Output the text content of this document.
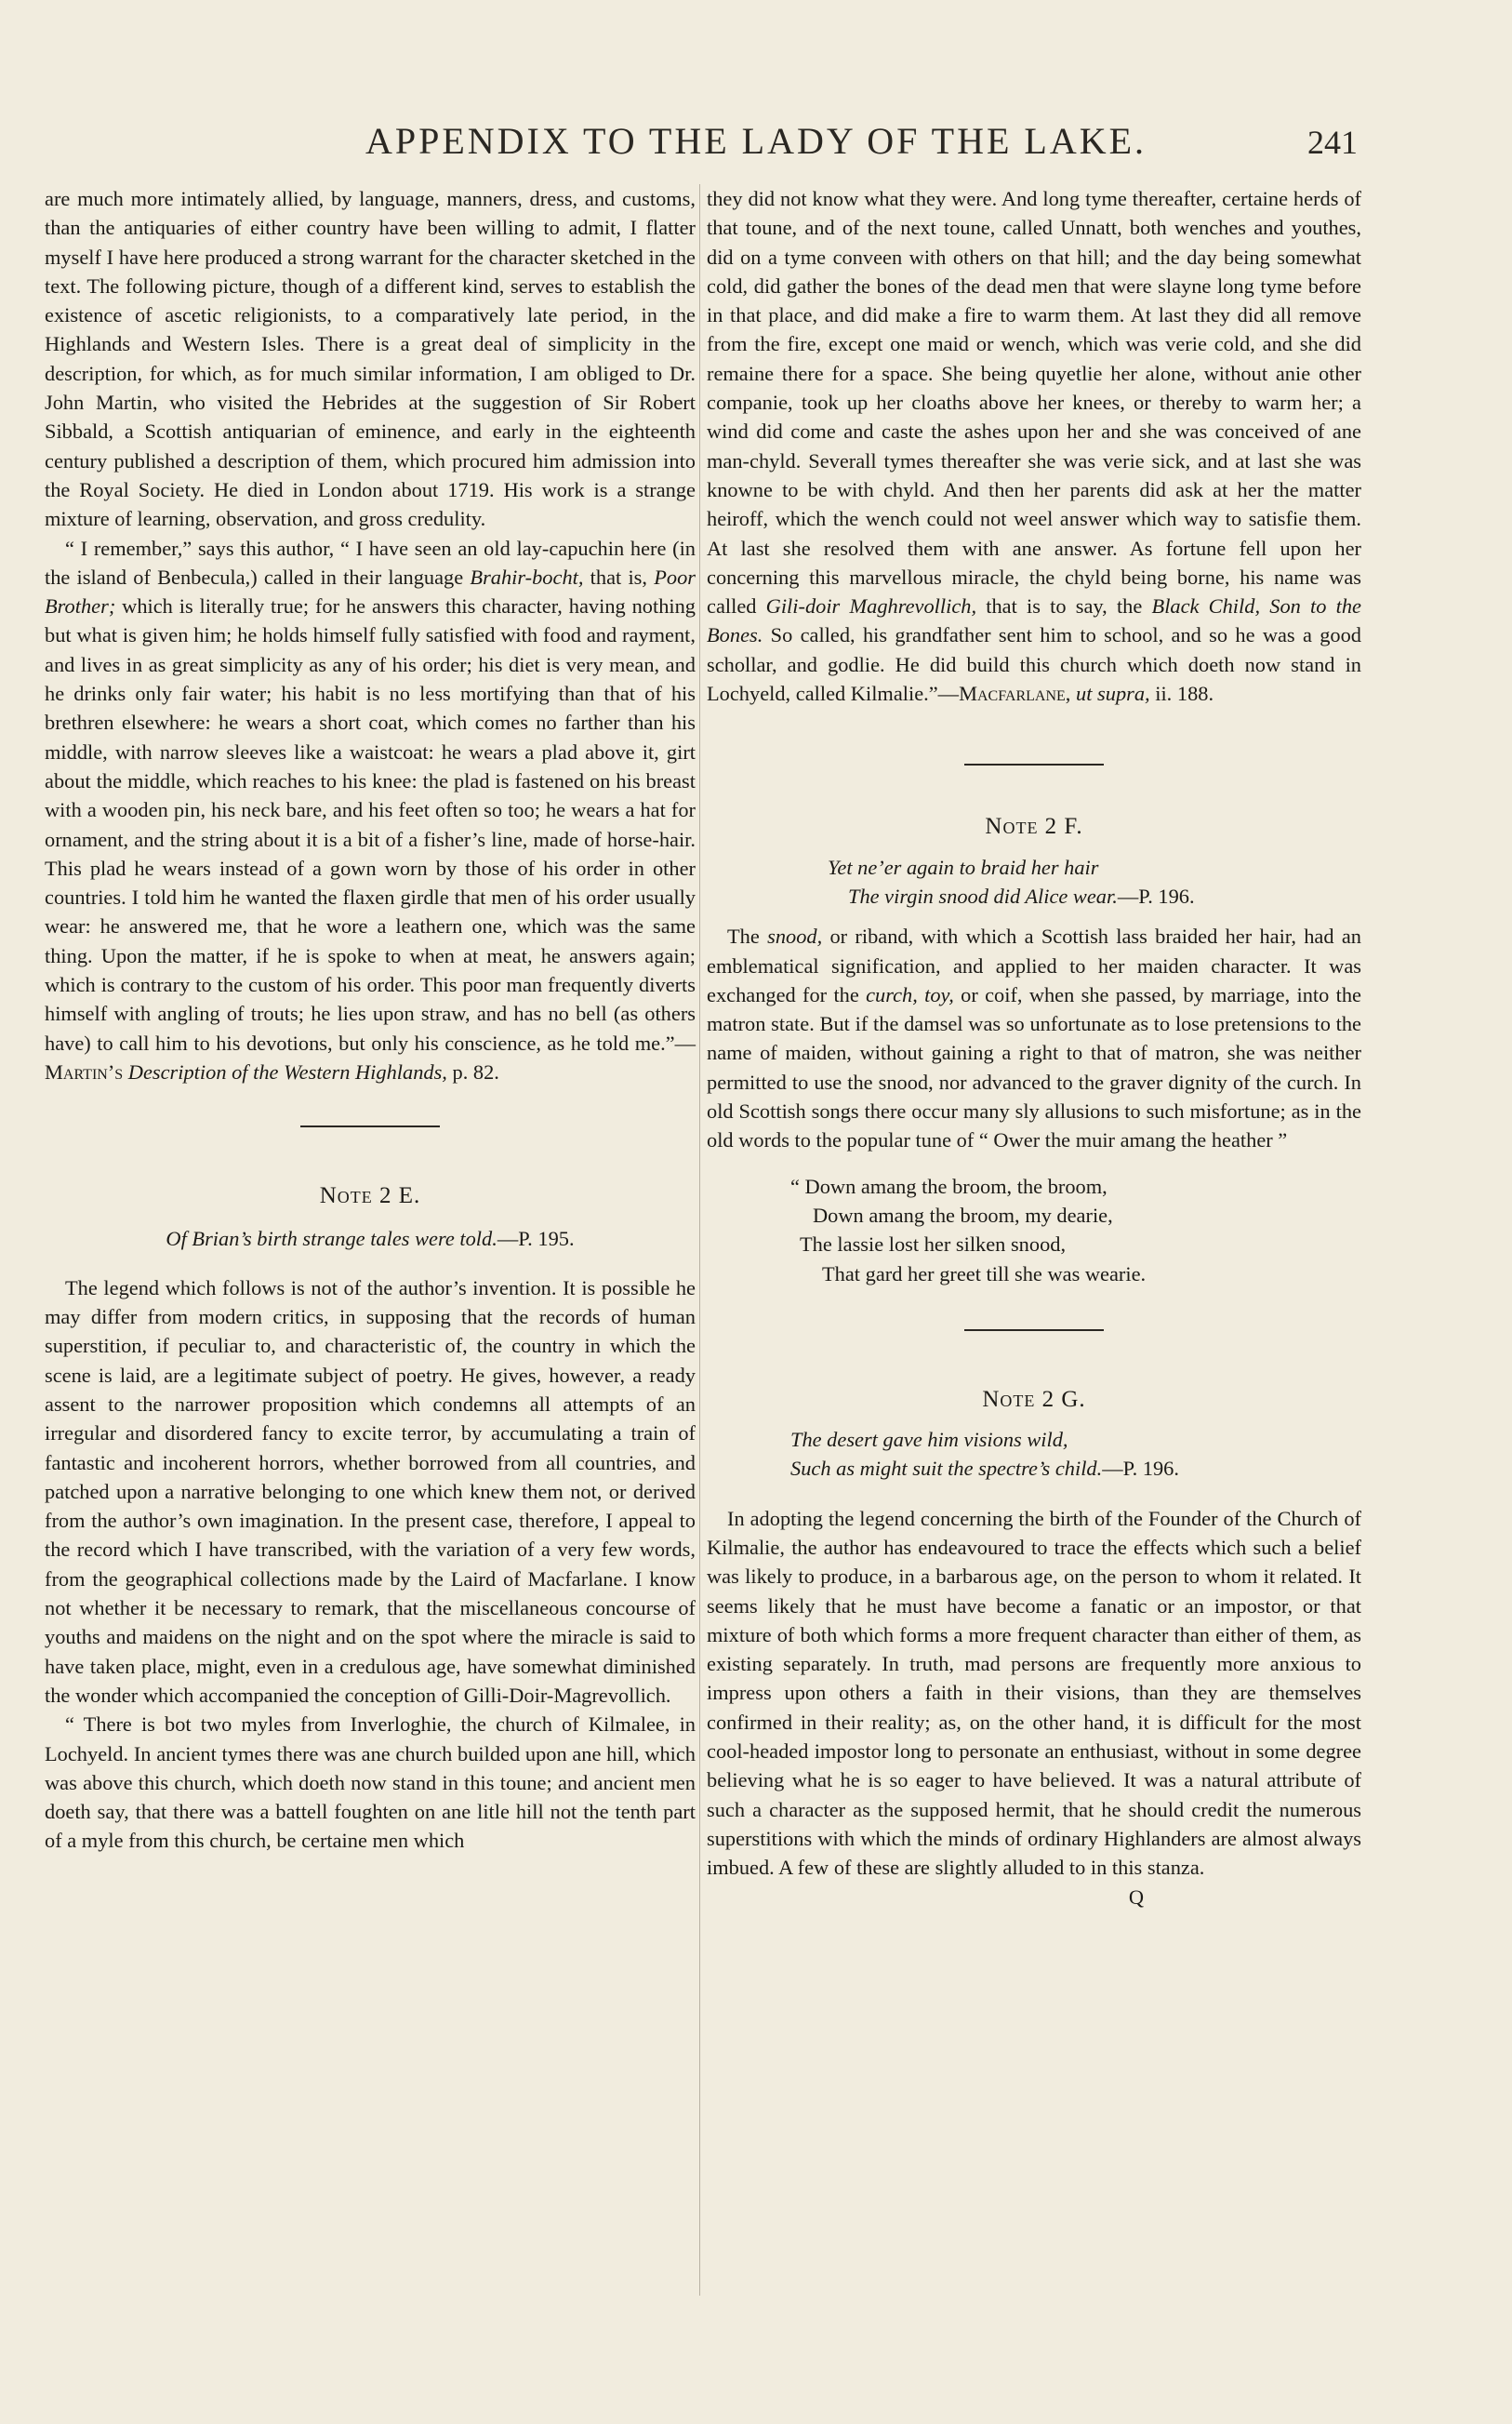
APPENDIX TO THE LADY OF THE LAKE.	241

are much more intimately allied, by language, manners, dress, and customs, than the antiquaries of either country have been willing to admit, I flatter myself I have here produced a strong warrant for the character sketched in the text. The following picture, though of a different kind, serves to establish the existence of ascetic religionists, to a comparatively late period, in the Highlands and Western Isles. There is a great deal of simplicity in the description, for which, as for much similar information, I am obliged to Dr. John Martin, who visited the Hebrides at the suggestion of Sir Robert Sibbald, a Scottish antiquarian of eminence, and early in the eighteenth century published a description of them, which procured him admission into the Royal Society. He died in London about 1719. His work is a strange mixture of learning, observation, and gross credulity.

“ I remember,” says this author, “ I have seen an old lay-capuchin here (in the island of Benbecula,) called in their language Brahir-bocht, that is, Poor Brother; which is literally true; for he answers this character, having nothing but what is given him; he holds himself fully satisfied with food and rayment, and lives in as great simplicity as any of his order; his diet is very mean, and he drinks only fair water; his habit is no less mortifying than that of his brethren elsewhere: he wears a short coat, which comes no farther than his middle, with narrow sleeves like a waistcoat: he wears a plad above it, girt about the middle, which reaches to his knee: the plad is fastened on his breast with a wooden pin, his neck bare, and his feet often so too; he wears a hat for ornament, and the string about it is a bit of a fisher’s line, made of horse-hair. This plad he wears instead of a gown worn by those of his order in other countries. I told him he wanted the flaxen girdle that men of his order usually wear: he answered me, that he wore a leathern one, which was the same thing. Upon the matter, if he is spoke to when at meat, he answers again; which is contrary to the custom of his order. This poor man frequently diverts himself with angling of trouts; he lies upon straw, and has no bell (as others have) to call him to his devotions, but only his conscience, as he told me.”—Martin’s Description of the Western Highlands, p. 82.

Note 2 E.

Of Brian’s birth strange tales were told.—P. 195.

The legend which follows is not of the author’s invention. It is possible he may differ from modern critics, in supposing that the records of human superstition, if peculiar to, and characteristic of, the country in which the scene is laid, are a legitimate subject of poetry. He gives, however, a ready assent to the narrower proposition which condemns all attempts of an irregular and disordered fancy to excite terror, by accumulating a train of fantastic and incoherent horrors, whether borrowed from all countries, and patched upon a narrative belonging to one which knew them not, or derived from the author’s own imagination. In the present case, therefore, I appeal to the record which I have transcribed, with the variation of a very few words, from the geographical collections made by the Laird of Macfarlane. I know not whether it be necessary to remark, that the miscellaneous concourse of youths and maidens on the night and on the spot where the miracle is said to have taken place, might, even in a credulous age, have somewhat diminished the wonder which accompanied the conception of Gilli-Doir-Magrevollich.

“ There is bot two myles from Inverloghie, the church of Kilmalee, in Lochyeld. In ancient tymes there was ane church builded upon ane hill, which was above this church, which doeth now stand in this toune; and ancient men doeth say, that there was a battell foughten on ane litle hill not the tenth part of a myle from this church, be certaine men which

they did not know what they were. And long tyme thereafter, certaine herds of that toune, and of the next toune, called Unnatt, both wenches and youthes, did on a tyme conveen with others on that hill; and the day being somewhat cold, did gather the bones of the dead men that were slayne long tyme before in that place, and did make a fire to warm them. At last they did all remove from the fire, except one maid or wench, which was verie cold, and she did remaine there for a space. She being quyetlie her alone, without anie other companie, took up her cloaths above her knees, or thereby to warm her; a wind did come and caste the ashes upon her and she was conceived of ane man-chyld. Severall tymes thereafter she was verie sick, and at last she was knowne to be with chyld. And then her parents did ask at her the matter heiroff, which the wench could not weel answer which way to satisfie them. At last she resolved them with ane answer. As fortune fell upon her concerning this marvellous miracle, the chyld being borne, his name was called Gili-doir Maghrevollich, that is to say, the Black Child, Son to the Bones. So called, his grandfather sent him to school, and so he was a good schollar, and godlie. He did build this church which doeth now stand in Lochyeld, called Kilmalie.”—Macfarlane, ut supra, ii. 188.

Note 2 F.

Yet ne’er again to braid her hair

The virgin snood did Alice wear.—P. 196.

The snood, or riband, with which a Scottish lass braided her hair, had an emblematical signification, and applied to her maiden character. It was exchanged for the curch, toy, or coif, when she passed, by marriage, into the matron state. But if the damsel was so unfortunate as to lose pretensions to the name of maiden, without gaining a right to that of matron, she was neither permitted to use the snood, nor advanced to the graver dignity of the curch. In old Scottish songs there occur many sly allusions to such misfortune; as in the old words to the popular tune of “ Ower the muir amang the heather ”

“ Down amang the broom, the broom,

Down amang the broom, my dearie,

The lassie lost her silken snood,

That gard her greet till she was wearie.

Note 2 G.

The desert gave him visions wild,

Such as might suit the spectre’s child.—P. 196.

In adopting the legend concerning the birth of the Founder of the Church of Kilmalie, the author has endeavoured to trace the effects which such a belief was likely to produce, in a barbarous age, on the person to whom it related. It seems likely that he must have become a fanatic or an impostor, or that mixture of both which forms a more frequent character than either of them, as existing separately. In truth, mad persons are frequently more anxious to impress upon others a faith in their visions, than they are themselves confirmed in their reality; as, on the other hand, it is difficult for the most cool-headed impostor long to personate an enthusiast, without in some degree believing what he is so eager to have believed. It was a natural attribute of such a character as the supposed hermit, that he should credit the numerous superstitions with which the minds of ordinary Highlanders are almost always imbued. A few of these are slightly alluded to in this stanza.

Q
